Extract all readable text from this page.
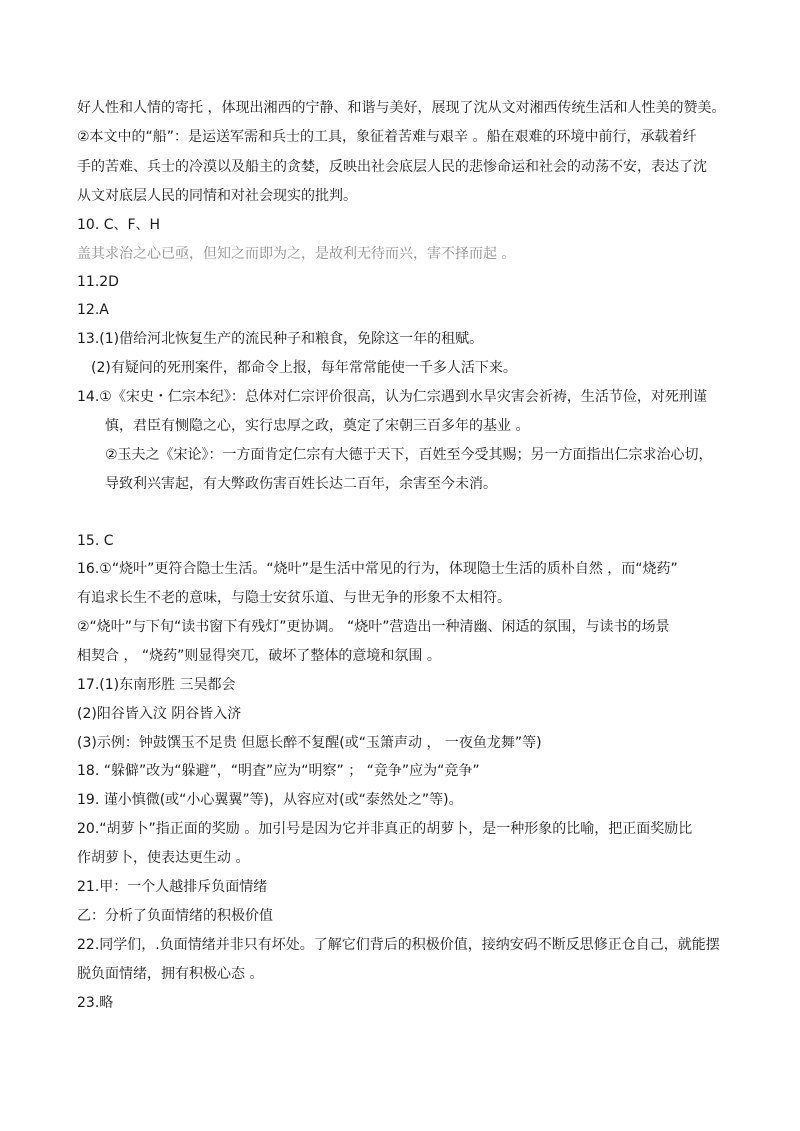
好人性和人情的寄托 ，体现出湘西的宁静、和谐与美好，展现了沈从文对湘西传统生活和人性美的赞美。
②本文中的“船”：是运送军需和兵士的工具，象征着苦难与艰辛 。船在艰难的环境中前行，承载着纤
手的苦难、兵士的冷漠以及船主的贪婪，反映出社会底层人民的悲惨命运和社会的动荡不安，表达了沈
从文对底层人民的同情和对社会现实的批判。
10. C、F、H
盖其求治之心已亟，但知之而即为之，是故利无待而兴，害不择而起 。
11.2D
12.A
13.(1)借给河北恢复生产的流民种子和粮食，免除这一年的租赋。
(2)有疑问的死刑案件，都命令上报，每年常常能使一千多人活下来。
14.①《宋史・仁宗本纪》：总体对仁宗评价很高，认为仁宗遇到水旱灾害会祈祷，生活节俭，对死刑谨
慎，君臣有恻隐之心，实行忠厚之政，奠定了宋朝三百多年的基业 。
②玉夫之《宋论》：一方面肯定仁宗有大德于天下，百姓至今受其赐；另一方面指出仁宗求治心切，
导致利兴害起，有大弊政伤害百姓长达二百年，余害至今未消。
15. C
16.①“烧叶”更符合隐士生活。“烧叶”是生活中常见的行为，体现隐士生活的质朴自然 ，而“烧药”
有追求长生不老的意味，与隐士安贫乐道、与世无争的形象不太相符。
②“烧叶”与下旬“读书窗下有残灯”更协调。 “烧叶”营造出一种清幽、闲适的氛围，与读书的场景
相契合 ， “烧药”则显得突兀，破坏了整体的意境和氛围 。
17.(1)东南形胜 三吴都会
(2)阳谷皆入汶 阴谷皆入济
(3)示例：钟鼓馔玉不足贵 但愿长醉不复醒(或“玉箫声动 ， 一夜鱼龙舞”等)
18. “躲僻”改为“躲避”，“明査”应为“明察” ； “竞争”应为“竞争”
19. 谨小慎微(或“小心翼翼”等)，从容应对(或“泰然处之”等)。
20.“胡萝卜”指正面的奖励 。加引号是因为它并非真正的胡萝卜，是一种形象的比喻，把正面奖励比
作胡萝卜，使表达更生动 。
21.甲：一个人越排斥负面情绪
乙：分析了负面情绪的积极价值
22.同学们，.负面情绪并非只有坏处。了解它们背后的积极价值，接纳安码不断反思修正仓自己，就能摆
脱负面情绪，拥有积极心态 。
23.略
